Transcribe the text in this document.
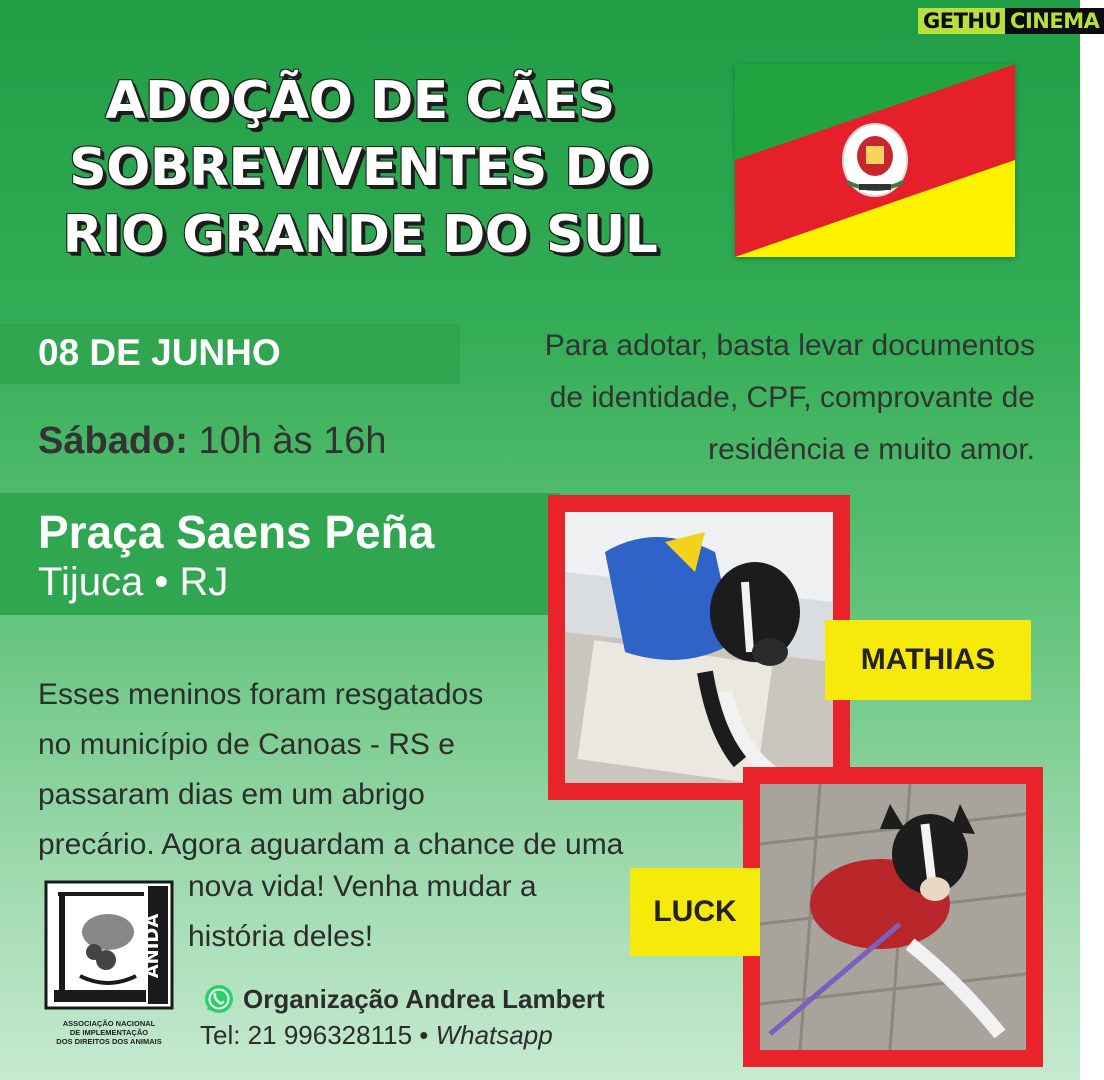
GETHU CINEMA
ADOÇÃO DE CÃES
SOBREVIVENTES DO
RIO GRANDE DO SUL
08 DE JUNHO
Sábado: 10h às 16h
Para adotar, basta levar documentos
de identidade, CPF, comprovante de
residência e muito amor.
Praça Saens Peña
Tijuca • RJ
Esses meninos foram resgatados
no município de Canoas - RS e
passaram dias em um abrigo
precário. Agora aguardam a chance de uma
nova vida! Venha mudar a
história deles!
ANIDA
ASSOCIAÇÃO NACIONAL
DE IMPLEMENTAÇÃO
DOS DIREITOS DOS ANIMAIS
Organização Andrea Lambert
Tel: 21 996328115 • Whatsapp
MATHIAS
LUCK
